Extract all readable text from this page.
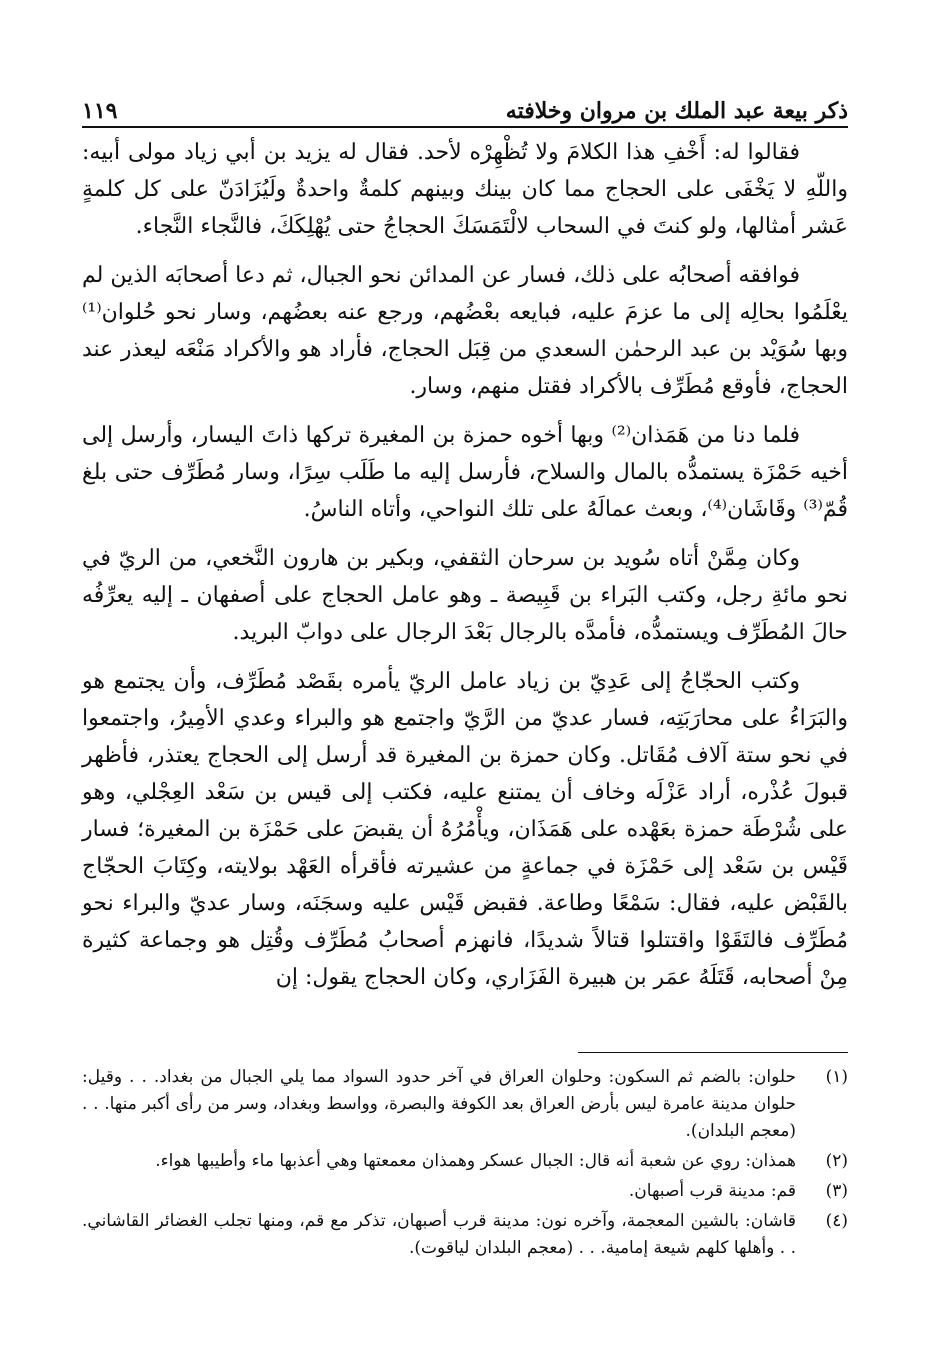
ذكر بيعة عبد الملك بن مروان وخلافته
١١٩

فقالوا له: أَخْفِ هذا الكلامَ ولا تُظْهِرْه لأحد. فقال له يزيد بن أبي زياد مولى أبيه: واللّهِ لا يَخْفَى على الحجاج مما كان بينك وبينهم كلمةٌ واحدةٌ ولَيُزَادَنّ على كل كلمةٍ عَشر أمثالها، ولو كنتَ في السحاب لالْتَمَسَكَ الحجاجُ حتى يُهْلِكَكَ، فالنَّجاء النَّجاء.

فوافقه أصحابُه على ذلك، فسار عن المدائن نحو الجبال، ثم دعا أصحابَه الذين لم يعْلَمُوا بحالِه إلى ما عزمَ عليه، فبايعه بعْضُهم، ورجع عنه بعضُهم، وسار نحو حُلوان⁽¹⁾ وبها سُوَيْد بن عبد الرحمٰن السعدي من قِبَل الحجاج، فأراد هو والأكراد مَنْعَه ليعذر عند الحجاج، فأوقع مُطَرِّف بالأكراد فقتل منهم، وسار.

فلما دنا من هَمَذان⁽²⁾ وبها أخوه حمزة بن المغيرة تركها ذاتَ اليسار، وأرسل إلى أخيه حَمْزَة يستمدُّه بالمال والسلاح، فأرسل إليه ما طَلَب سِرًا، وسار مُطَرِّف حتى بلغ قُمّ⁽³⁾ وقَاشَان⁽⁴⁾، وبعث عمالَهُ على تلك النواحي، وأتاه الناسُ.

وكان مِمَّنْ أتاه سُويد بن سرحان الثقفي، وبكير بن هارون النَّخعي، من الريّ في نحو مائةِ رجل، وكتب البَراء بن قَبِيصة ـ وهو عامل الحجاج على أصفهان ـ إليه يعرِّفُه حالَ المُطَرِّف ويستمدُّه، فأمدَّه بالرجال بَعْدَ الرجال على دوابّ البريد.

وكتب الحجّاجُ إلى عَدِيّ بن زياد عامل الريّ يأمره بقَصْد مُطَرِّف، وأن يجتمع هو والبَرَاءُ على محارَبَتِه، فسار عديّ من الرَّيّ واجتمع هو والبراء وعدي الأمِيرُ، واجتمعوا في نحو ستة آلاف مُقَاتل. وكان حمزة بن المغيرة قد أرسل إلى الحجاج يعتذر، فأظهر قبولَ عُذْره، أراد عَزْلَه وخاف أن يمتنع عليه، فكتب إلى قيس بن سَعْد العِجْلي، وهو على شُرْطَة حمزة بعَهْده على هَمَذَان، ويأْمُرُهُ أن يقبضَ على حَمْزَة بن المغيرة؛ فسار قَيْس بن سَعْد إلى حَمْزَة في جماعةٍ من عشيرته فأقرأه العَهْد بولايته، وكِتَابَ الحجّاج بالقَبْض عليه، فقال: سَمْعًا وطاعة. فقبض قَيْس عليه وسجَنَه، وسار عديّ والبراء نحو مُطَرِّف فالتَقَوْا واقتتلوا قتالاً شديدًا، فانهزم أصحابُ مُطَرِّف وقُتِل هو وجماعة كثيرة مِنْ أصحابه، قَتَلَهُ عمَر بن هبيرة الفَزَاري، وكان الحجاج يقول: إن

(١)
حلوان: بالضم ثم السكون: وحلوان العراق في آخر حدود السواد مما يلي الجبال من بغداد. . . وقيل: حلوان مدينة عامرة ليس بأرض العراق بعد الكوفة والبصرة، وواسط وبغداد، وسر من رأى أكبر منها. . . (معجم البلدان).
(٢)
همذان: روي عن شعبة أنه قال: الجبال عسكر وهمذان معمعتها وهي أعذبها ماء وأطيبها هواء.
(٣)
قم: مدينة قرب أصبهان.
(٤)
قاشان: بالشين المعجمة، وآخره نون: مدينة قرب أصبهان، تذكر مع قم، ومنها تجلب الغضائر القاشاني. . . وأهلها كلهم شيعة إمامية. . . (معجم البلدان لياقوت).
